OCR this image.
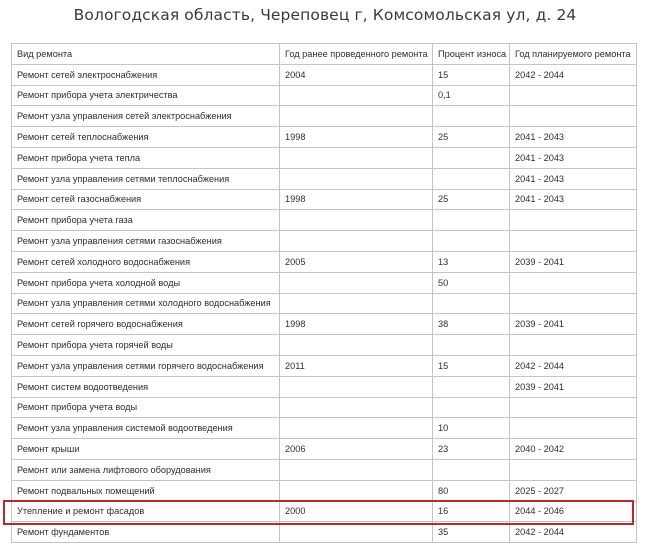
Вологодская область, Череповец г, Комсомольская ул, д. 24
Вид ремонта	Год ранее проведенного ремонта	Процент износа	Год планируемого ремонта
Ремонт сетей электроснабжения	2004	15	2042 - 2044
Ремонт прибора учета электричества		0,1	
Ремонт узла управления сетей электроснабжения			
Ремонт сетей теплоснабжения	1998	25	2041 - 2043
Ремонт прибора учета тепла			2041 - 2043
Ремонт узла управления сетями теплоснабжения			2041 - 2043
Ремонт сетей газоснабжения	1998	25	2041 - 2043
Ремонт прибора учета газа			
Ремонт узла управления сетями газоснабжения			
Ремонт сетей холодного водоснабжения	2005	13	2039 - 2041
Ремонт прибора учета холодной воды		50	
Ремонт узла управления сетями холодного водоснабжения			
Ремонт сетей горячего водоснабжения	1998	38	2039 - 2041
Ремонт прибора учета горячей воды			
Ремонт узла управления сетями горячего водоснабжения	2011	15	2042 - 2044
Ремонт систем водоотведения			2039 - 2041
Ремонт прибора учета воды			
Ремонт узла управления системой водоотведения		10	
Ремонт крыши	2006	23	2040 - 2042
Ремонт или замена лифтового оборудования			
Ремонт подвальных помещений		80	2025 - 2027
Утепление и ремонт фасадов	2000	16	2044 - 2046
Ремонт фундаментов		35	2042 - 2044
